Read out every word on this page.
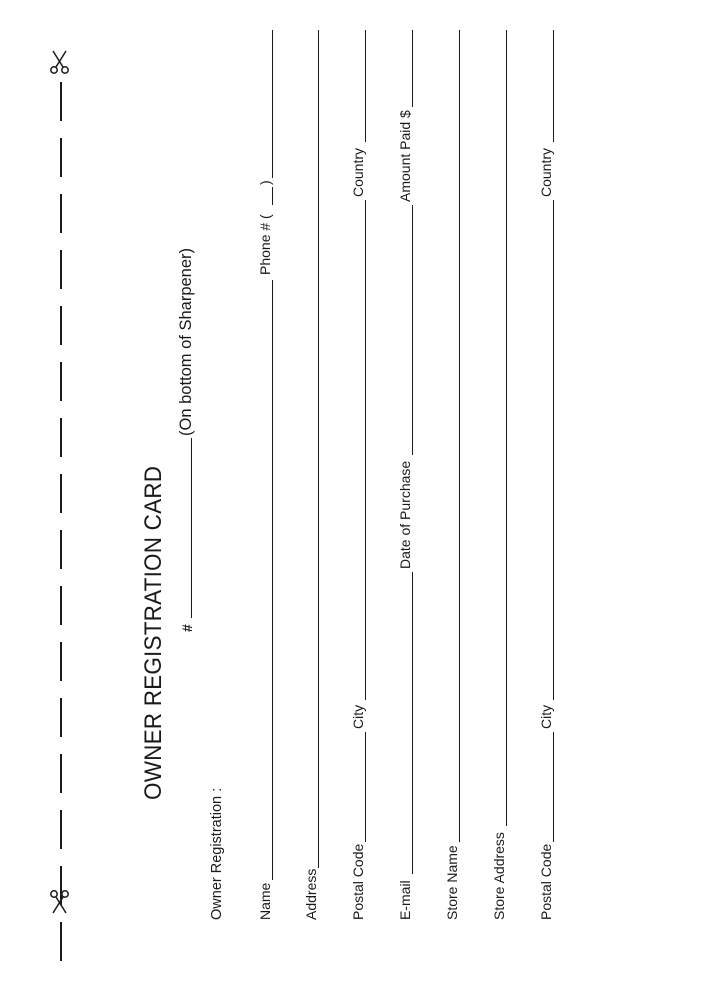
OWNER REGISTRATION CARD #
(On bottom of Sharpener)
Owner Registration : Name
Phone # (
)
Address Postal Code
City
Country
E-mail
Date of Purchase
Amount Paid $
Store Name Store Address Postal Code
City
Country
